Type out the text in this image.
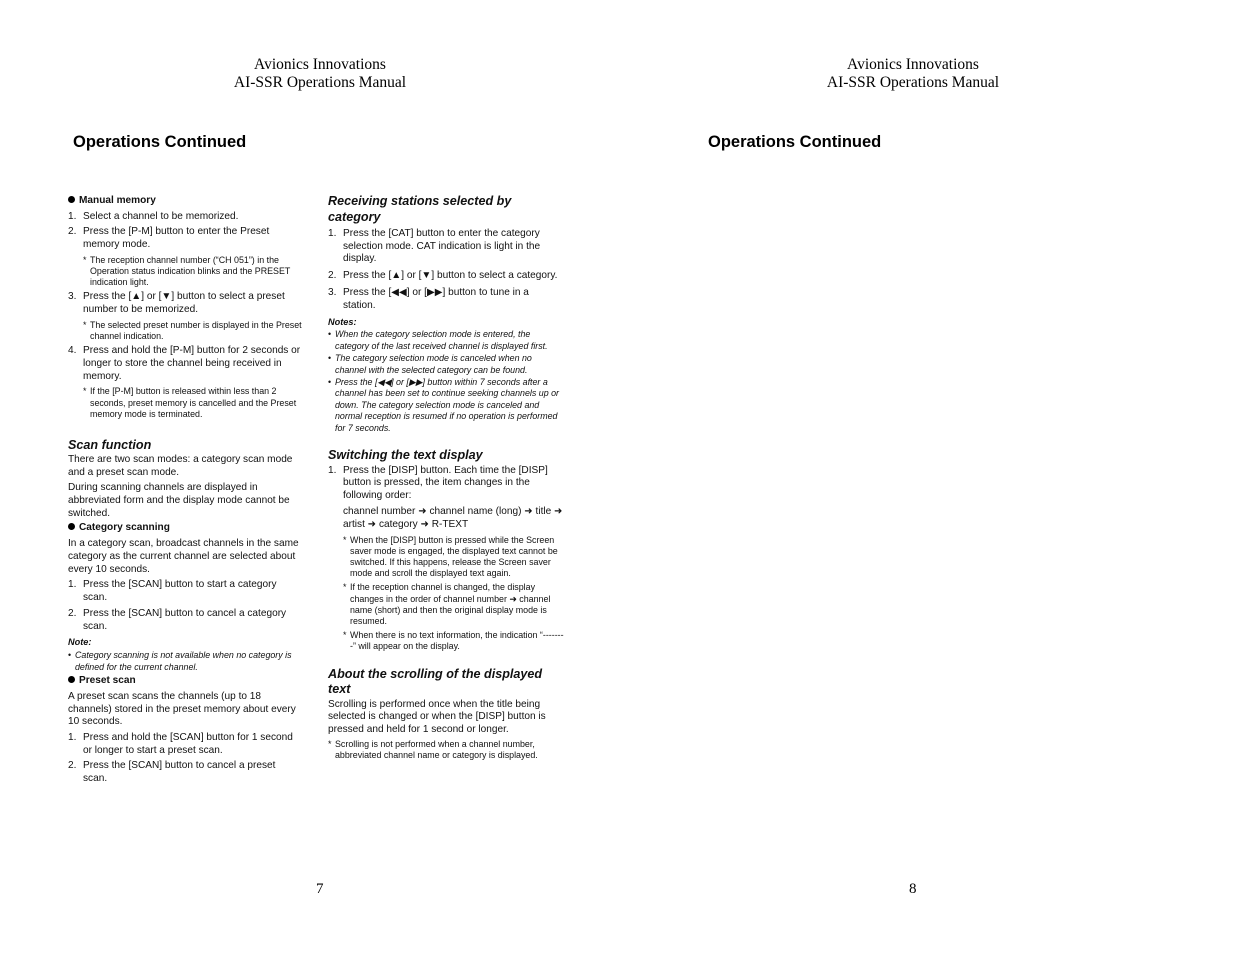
Avionics Innovations
AI-SSR Operations Manual
Operations Continued
Manual memory
1. Select a channel to be memorized.
2. Press the [P-M] button to enter the Preset memory mode.
* The reception channel number (“CH 051”) in the Operation status indication blinks and the PRESET indication light.
3. Press the [▲] or [▼] button to select a preset number to be memorized.
* The selected preset number is displayed in the Preset channel indication.
4. Press and hold the [P-M] button for 2 seconds or longer to store the channel being received in memory.
* If the [P-M] button is released within less than 2 seconds, preset memory is cancelled and the Preset memory mode is terminated.
Scan function
There are two scan modes: a category scan mode and a preset scan mode.
During scanning channels are displayed in abbreviated form and the display mode cannot be switched.
Category scanning
In a category scan, broadcast channels in the same category as the current channel are selected about every 10 seconds.
1. Press the [SCAN] button to start a category scan.
2. Press the [SCAN] button to cancel a category scan.
Note:
• Category scanning is not available when no category is defined for the current channel.
Preset scan
A preset scan scans the channels (up to 18 channels) stored in the preset memory about every 10 seconds.
1. Press and hold the [SCAN] button for 1 second or longer to start a preset scan.
2. Press the [SCAN] button to cancel a preset scan.
Receiving stations selected by category
1. Press the [CAT] button to enter the category selection mode. CAT indication is light in the display.
2. Press the [▲] or [▼] button to select a category.
3. Press the [◀◀] or [▶▶] button to tune in a station.
Notes:
• When the category selection mode is entered, the category of the last received channel is displayed first.
• The category selection mode is canceled when no channel with the selected category can be found.
• Press the [◀◀] or [▶▶] button within 7 seconds after a channel has been set to continue seeking channels up or down. The category selection mode is canceled and normal reception is resumed if no operation is performed for 7 seconds.
Switching the text display
1. Press the [DISP] button. Each time the [DISP] button is pressed, the item changes in the following order:
channel number ➜ channel name (long) ➜ title ➜ artist ➜ category ➜ R-TEXT
* When the [DISP] button is pressed while the Screen saver mode is engaged, the displayed text cannot be switched. If this happens, release the Screen saver mode and scroll the displayed text again.
* If the reception channel is changed, the display changes in the order of channel number ➜ channel name (short) and then the original display mode is resumed.
* When there is no text information, the indication “--------” will appear on the display.
About the scrolling of the displayed text
Scrolling is performed once when the title being selected is changed or when the [DISP] button is pressed and held for 1 second or longer.
* Scrolling is not performed when a channel number, abbreviated channel name or category is displayed.
7
Avionics Innovations
AI-SSR Operations Manual
Operations Continued
8
